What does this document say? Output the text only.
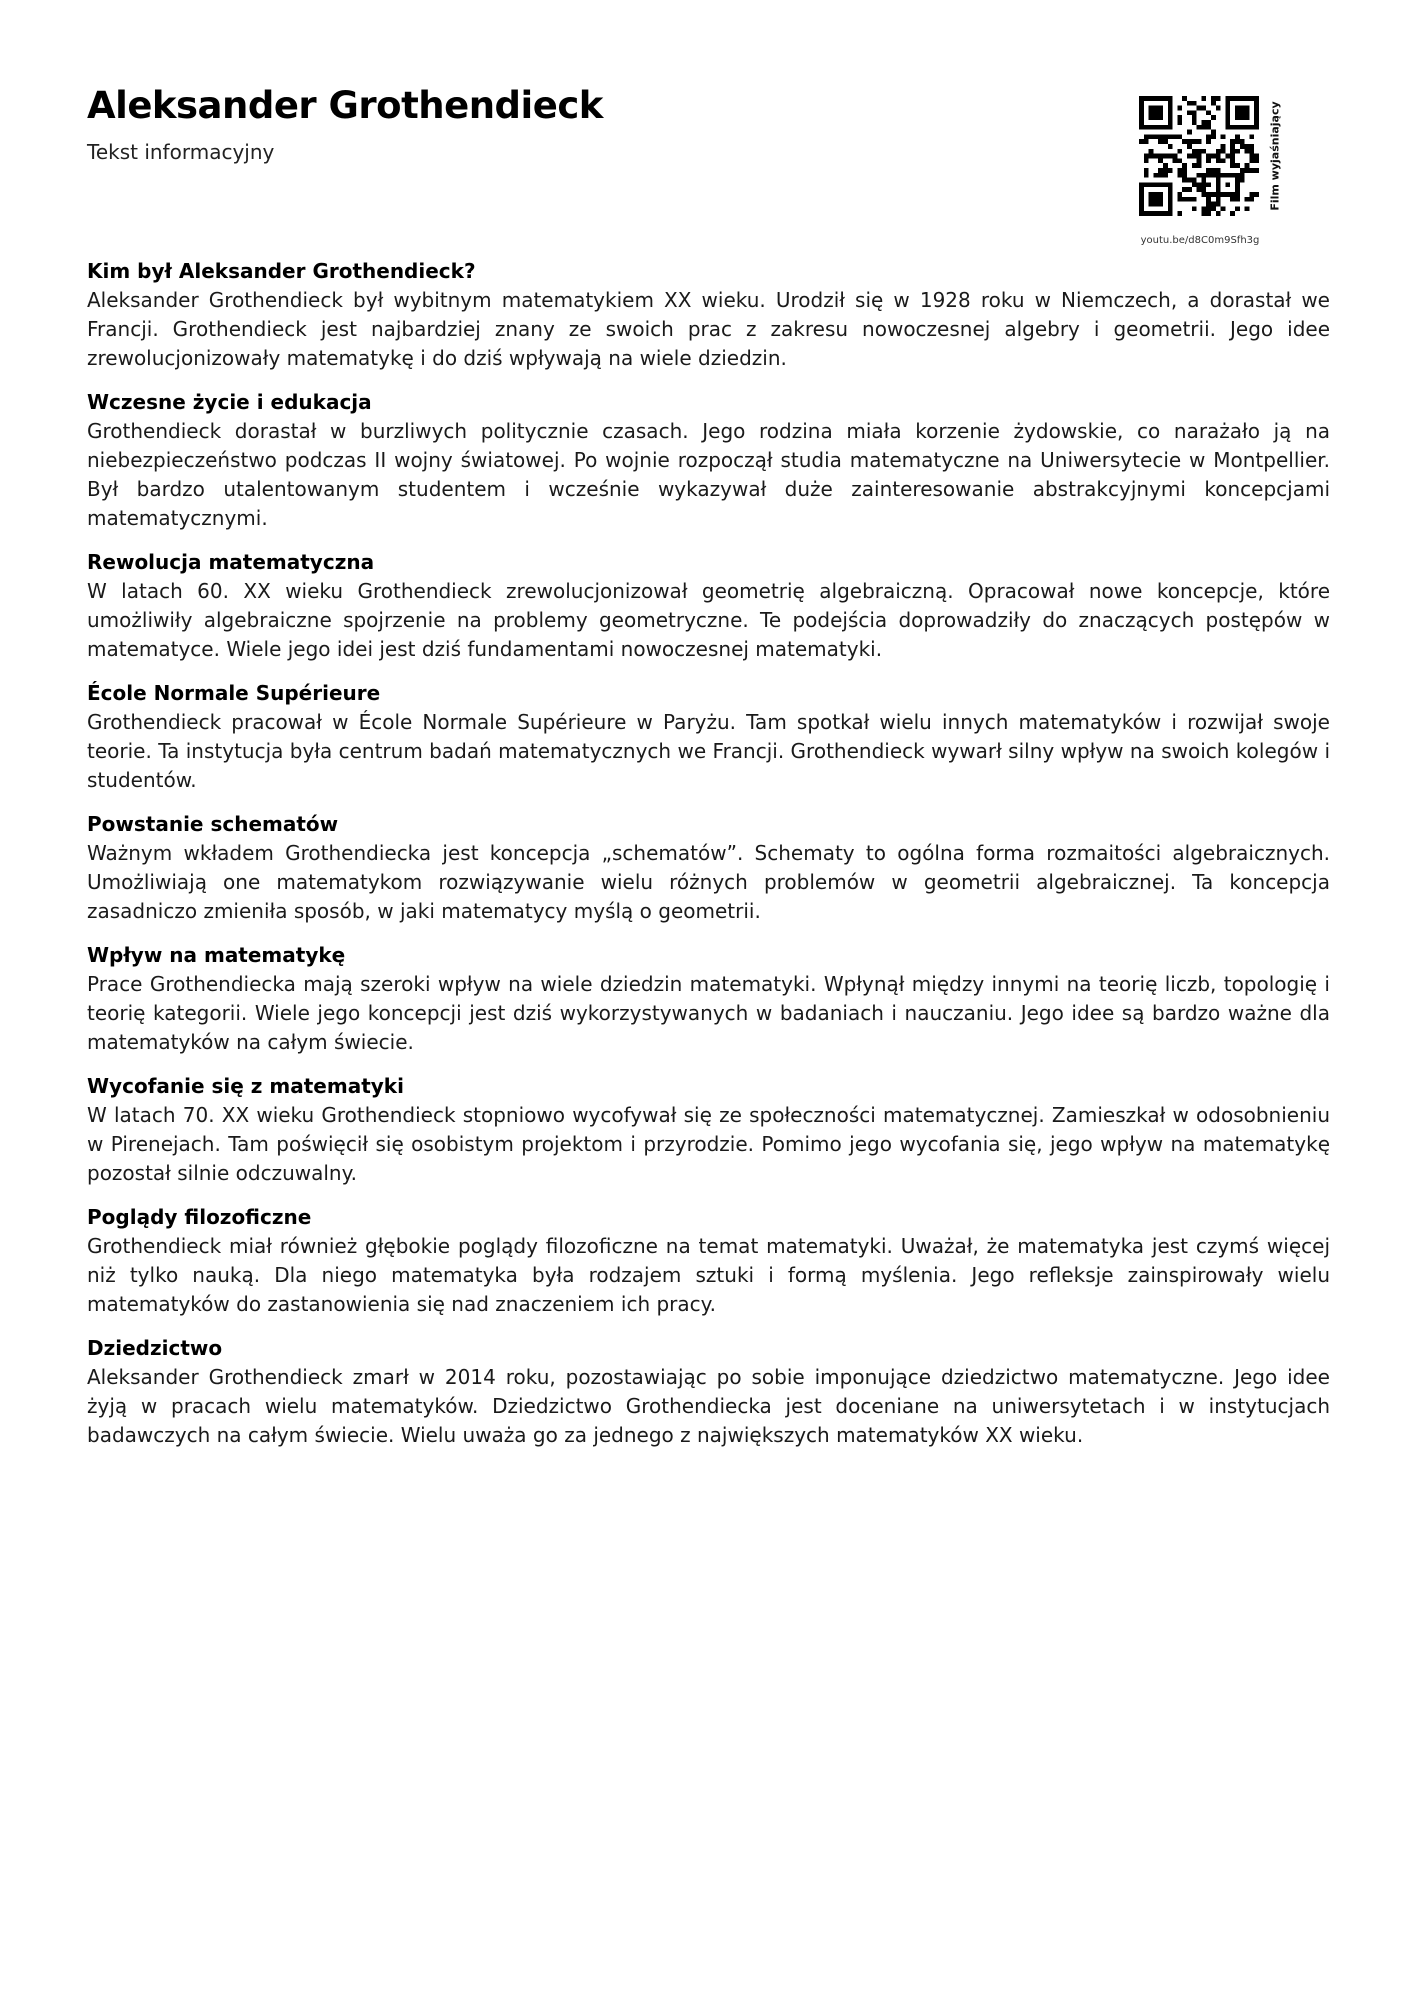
Aleksander Grothendieck
Tekst informacyjny
youtu.be/d8C0m9Sfh3g
Film wyjaśniający
Kim był Aleksander Grothendieck?

Aleksander Grothendieck był wybitnym matematykiem XX wieku. Urodził się w 1928 roku w Niemczech, a dorastał we Francji. Grothendieck jest najbardziej znany ze swoich prac z zakresu nowoczesnej algebry i geometrii. Jego idee zrewolucjonizowały matematykę i do dziś wpływają na wiele dziedzin.

Wczesne życie i edukacja

Grothendieck dorastał w burzliwych politycznie czasach. Jego rodzina miała korzenie żydowskie, co narażało ją na niebezpieczeństwo podczas II wojny światowej. Po wojnie rozpoczął studia matematyczne na Uniwersytecie w Montpellier. Był bardzo utalentowanym studentem i wcześnie wykazywał duże zainteresowanie abstrakcyjnymi koncepcjami matematycznymi.

Rewolucja matematyczna

W latach 60. XX wieku Grothendieck zrewolucjonizował geometrię algebraiczną. Opracował nowe koncepcje, które umożliwiły algebraiczne spojrzenie na problemy geometryczne. Te podejścia doprowadziły do znaczących postępów w matematyce. Wiele jego idei jest dziś fundamentami nowoczesnej matematyki.

École Normale Supérieure

Grothendieck pracował w École Normale Supérieure w Paryżu. Tam spotkał wielu innych matematyków i rozwijał swoje teorie. Ta instytucja była centrum badań matematycznych we Francji. Grothendieck wywarł silny wpływ na swoich kolegów i studentów.

Powstanie schematów

Ważnym wkładem Grothendiecka jest koncepcja „schematów”. Schematy to ogólna forma rozmaitości algebraicznych. Umożliwiają one matematykom rozwiązywanie wielu różnych problemów w geometrii algebraicznej. Ta koncepcja zasadniczo zmieniła sposób, w jaki matematycy myślą o geometrii.

Wpływ na matematykę

Prace Grothendiecka mają szeroki wpływ na wiele dziedzin matematyki. Wpłynął między innymi na teorię liczb, topologię i teorię kategorii. Wiele jego koncepcji jest dziś wykorzystywanych w badaniach i nauczaniu. Jego idee są bardzo ważne dla matematyków na całym świecie.

Wycofanie się z matematyki

W latach 70. XX wieku Grothendieck stopniowo wycofywał się ze społeczności matematycznej. Zamieszkał w odosobnieniu w Pirenejach. Tam poświęcił się osobistym projektom i przyrodzie. Pomimo jego wycofania się, jego wpływ na matematykę pozostał silnie odczuwalny.

Poglądy filozoficzne

Grothendieck miał również głębokie poglądy filozoficzne na temat matematyki. Uważał, że matematyka jest czymś więcej niż tylko nauką. Dla niego matematyka była rodzajem sztuki i formą myślenia. Jego refleksje zainspirowały wielu matematyków do zastanowienia się nad znaczeniem ich pracy.

Dziedzictwo

Aleksander Grothendieck zmarł w 2014 roku, pozostawiając po sobie imponujące dziedzictwo matematyczne. Jego idee żyją w pracach wielu matematyków. Dziedzictwo Grothendiecka jest doceniane na uniwersytetach i w instytucjach badawczych na całym świecie. Wielu uważa go za jednego z największych matematyków XX wieku.
